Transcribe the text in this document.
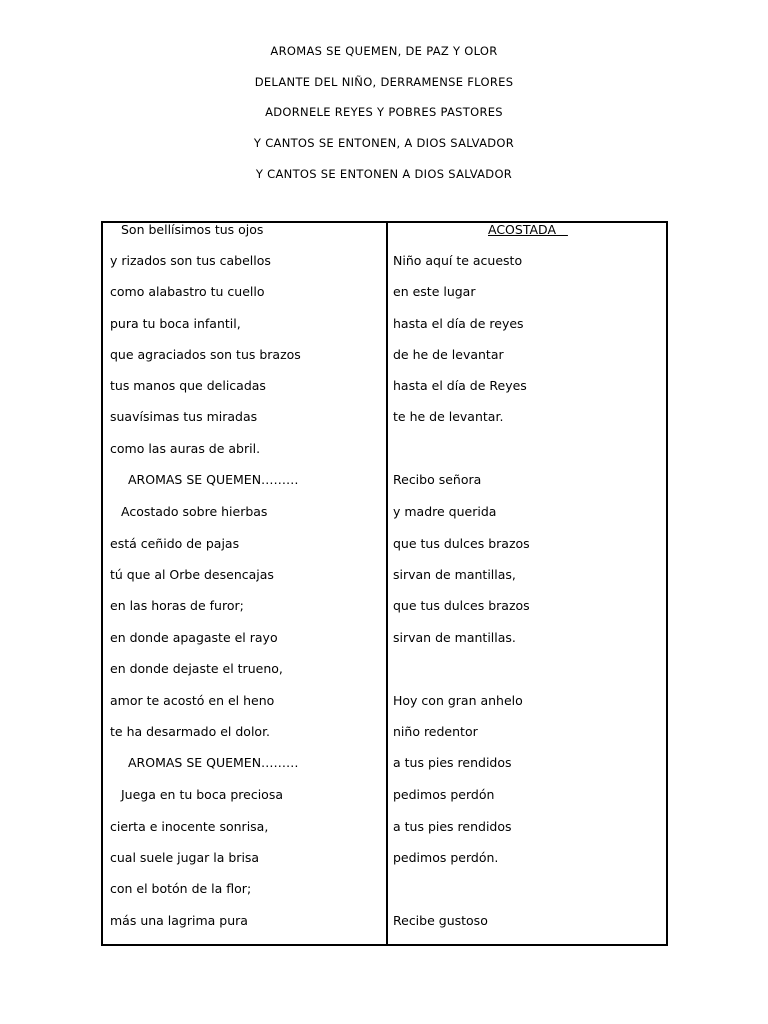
AROMAS SE QUEMEN, DE PAZ Y OLOR
DELANTE DEL NIÑO, DERRAMENSE FLORES
ADORNELE REYES Y POBRES PASTORES
Y CANTOS SE ENTONEN, A DIOS SALVADOR
Y CANTOS SE ENTONEN A DIOS SALVADOR
Son bellísimos tus ojos
y rizados son tus cabellos
como alabastro tu cuello
pura tu boca infantil,
que agraciados son tus brazos
tus manos que delicadas
suavísimas tus miradas
como las auras de abril.
AROMAS SE QUEMEN………
Acostado sobre hierbas
está ceñido de pajas
tú que al Orbe desencajas
en las horas de furor;
en donde apagaste el rayo
en donde dejaste el trueno,
amor te acostó en el heno
te ha desarmado el dolor.
AROMAS SE QUEMEN………
Juega en tu boca preciosa
cierta e inocente sonrisa,
cual suele jugar la brisa
con el botón de la flor;
más una lagrima pura
ACOSTADA
Niño aquí te acuesto
en este lugar
hasta el día de reyes
de he de levantar
hasta el día de Reyes
te he de levantar.
Recibo señora
y madre querida
que tus dulces brazos
sirvan de mantillas,
que tus dulces brazos
sirvan de mantillas.
Hoy con gran anhelo
niño redentor
a tus pies rendidos
pedimos perdón
a tus pies rendidos
pedimos perdón.
Recibe gustoso
